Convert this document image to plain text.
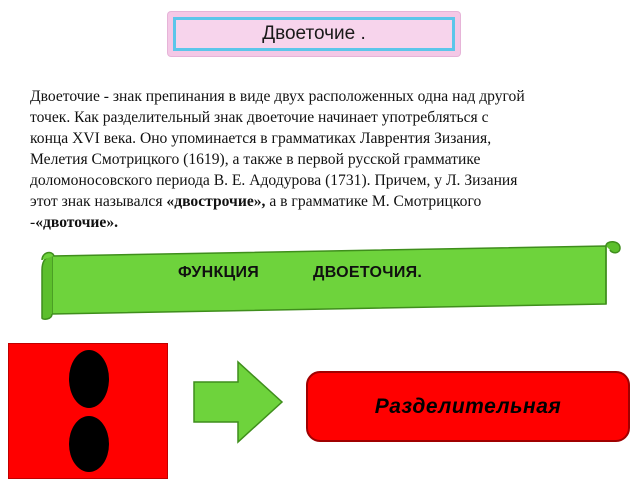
Двоеточие .
Двоеточие - знак препинания в виде двух расположенных одна над другой
точек. Как разделительный знак двоеточие начинает употребляться с
конца XVI века. Оно упоминается в грамматиках Лаврентия Зизания,
Мелетия Смотрицкого (1619), а также в первой русской грамматике
доломоносовского периода В. Е. Адодурова (1731). Причем, у Л. Зизания
этот знак назывался «двострочие», а в грамматике М. Смотрицкого
-«двоточие».
ФУНКЦИЯ	ДВОЕТОЧИЯ.
Разделительная
